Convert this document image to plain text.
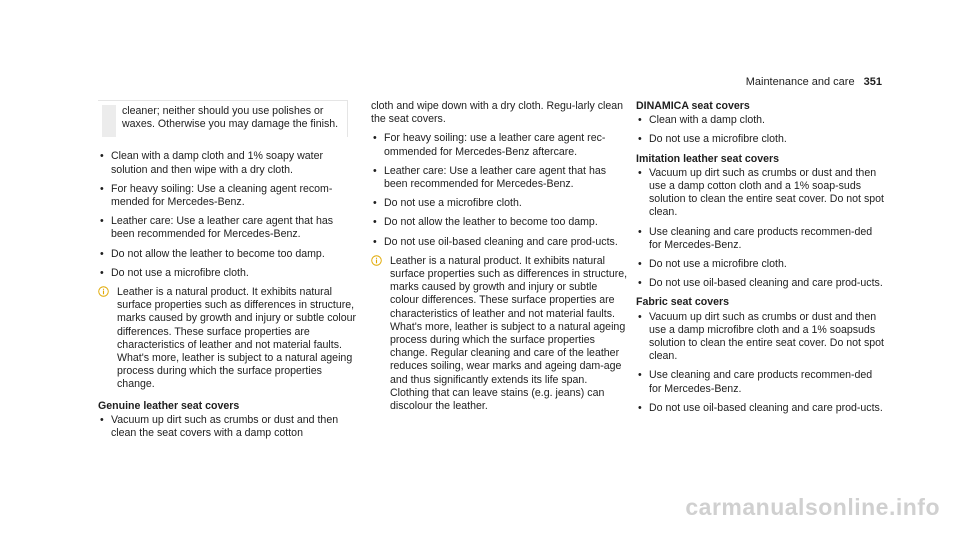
Maintenance and care 351
cleaner; neither should you use polishes or waxes. Otherwise you may damage the finish.
• Clean with a damp cloth and 1% soapy water solution and then wipe with a dry cloth.
• For heavy soiling: Use a cleaning agent recom‐mended for Mercedes-Benz.
• Leather care: Use a leather care agent that has been recommended for Mercedes-Benz.
• Do not allow the leather to become too damp.
• Do not use a microfibre cloth.
Leather is a natural product. It exhibits natural surface properties such as differences in structure, marks caused by growth and injury or subtle colour differences. These surface properties are characteristics of leather and not material faults. What's more, leather is subject to a natural ageing process during which the surface properties change.
Genuine leather seat covers
• Vacuum up dirt such as crumbs or dust and then clean the seat covers with a damp cotton
cloth and wipe down with a dry cloth. Regu‐larly clean the seat covers.
• For heavy soiling: use a leather care agent rec‐ommended for Mercedes-Benz aftercare.
• Leather care: Use a leather care agent that has been recommended for Mercedes-Benz.
• Do not use a microfibre cloth.
• Do not allow the leather to become too damp.
• Do not use oil-based cleaning and care prod‐ucts.
Leather is a natural product. It exhibits natural surface properties such as differences in structure, marks caused by growth and injury or subtle colour differences. These surface properties are characteristics of leather and not material faults. What's more, leather is subject to a natural ageing process during which the surface properties change. Regular cleaning and care of the leather reduces soiling, wear marks and ageing dam‐age and thus significantly extends its life span. Clothing that can leave stains (e.g. jeans) can discolour the leather.
DINAMICA seat covers
• Clean with a damp cloth.
• Do not use a microfibre cloth.
Imitation leather seat covers
• Vacuum up dirt such as crumbs or dust and then use a damp cotton cloth and a 1% soap‐suds solution to clean the entire seat cover. Do not spot clean.
• Use cleaning and care products recommen‐ded for Mercedes-Benz.
• Do not use a microfibre cloth.
• Do not use oil-based cleaning and care prod‐ucts.
Fabric seat covers
• Vacuum up dirt such as crumbs or dust and then use a damp microfibre cloth and a 1% soapsuds solution to clean the entire seat cover. Do not spot clean.
• Use cleaning and care products recommen‐ded for Mercedes-Benz.
• Do not use oil-based cleaning and care prod‐ucts.
carmanualsonline.info
